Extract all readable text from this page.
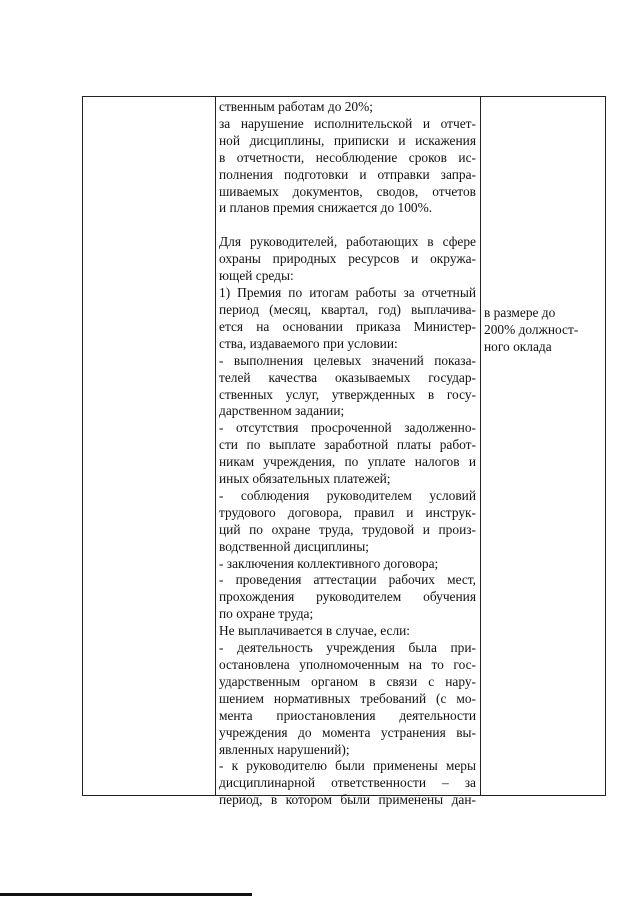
ственным работам до 20%;
за нарушение исполнительской и отчет-
ной дисциплины, приписки и искажения
в отчетности, несоблюдение сроков ис-
полнения подготовки и отправки запра-
шиваемых документов, сводов, отчетов
и планов премия снижается до 100%.
Для руководителей, работающих в сфере
охраны природных ресурсов и окружа-
ющей среды:
1) Премия по итогам работы за отчетный
период (месяц, квартал, год) выплачива-
ется на основании приказа Министер-
ства, издаваемого при условии:
- выполнения целевых значений показа-
телей качества оказываемых государ-
ственных услуг, утвержденных в госу-
дарственном задании;
- отсутствия просроченной задолженно-
сти по выплате заработной платы работ-
никам учреждения, по уплате налогов и
иных обязательных платежей;
- соблюдения руководителем условий
трудового договора, правил и инструк-
ций по охране труда, трудовой и произ-
водственной дисциплины;
- заключения коллективного договора;
- проведения аттестации рабочих мест,
прохождения руководителем обучения
по охране труда;
Не выплачивается в случае, если:
- деятельность учреждения была при-
остановлена уполномоченным на то гос-
ударственным органом в связи с нару-
шением нормативных требований (с мо-
мента приостановления деятельности
учреждения до момента устранения вы-
явленных нарушений);
- к руководителю были применены меры
дисциплинарной ответственности – за
период, в котором были применены дан-
в размере до
200% должност-
ного оклада
